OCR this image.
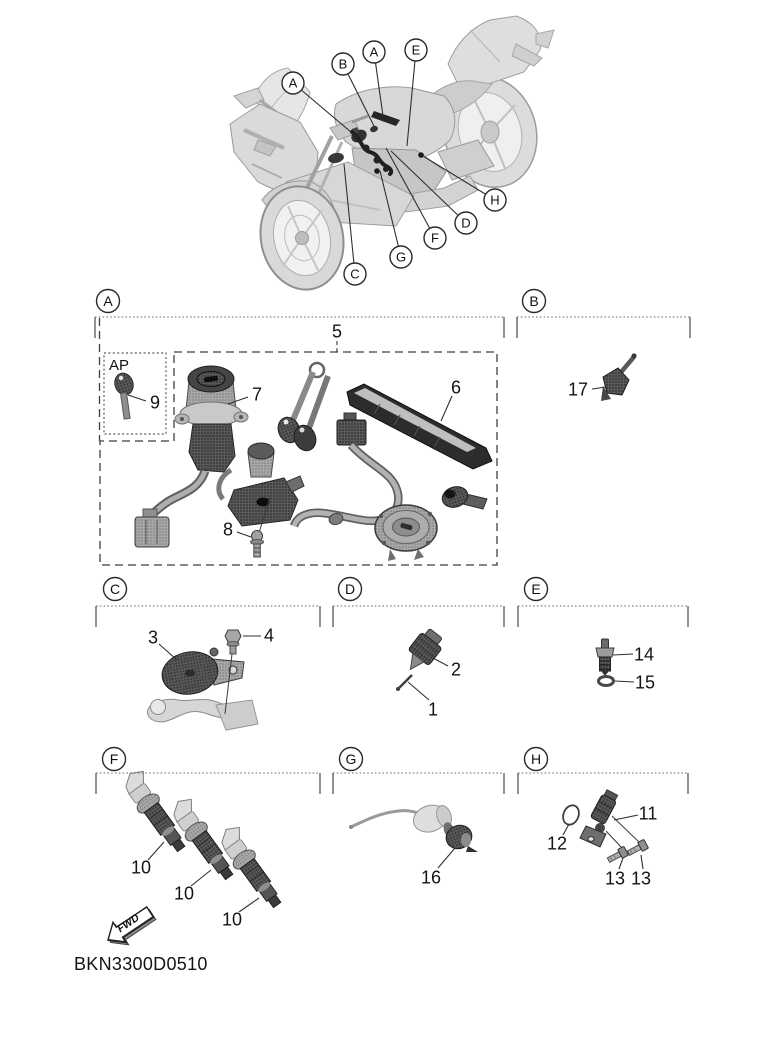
AP
FWD
A	B
C	D	E
F	G	H
A
B
A	E
H
D
F
G
C
5
9	7	6
8
17
3	4
2
1
14
15
10
10
10
16
11
12
13 13
BKN3300D0510
